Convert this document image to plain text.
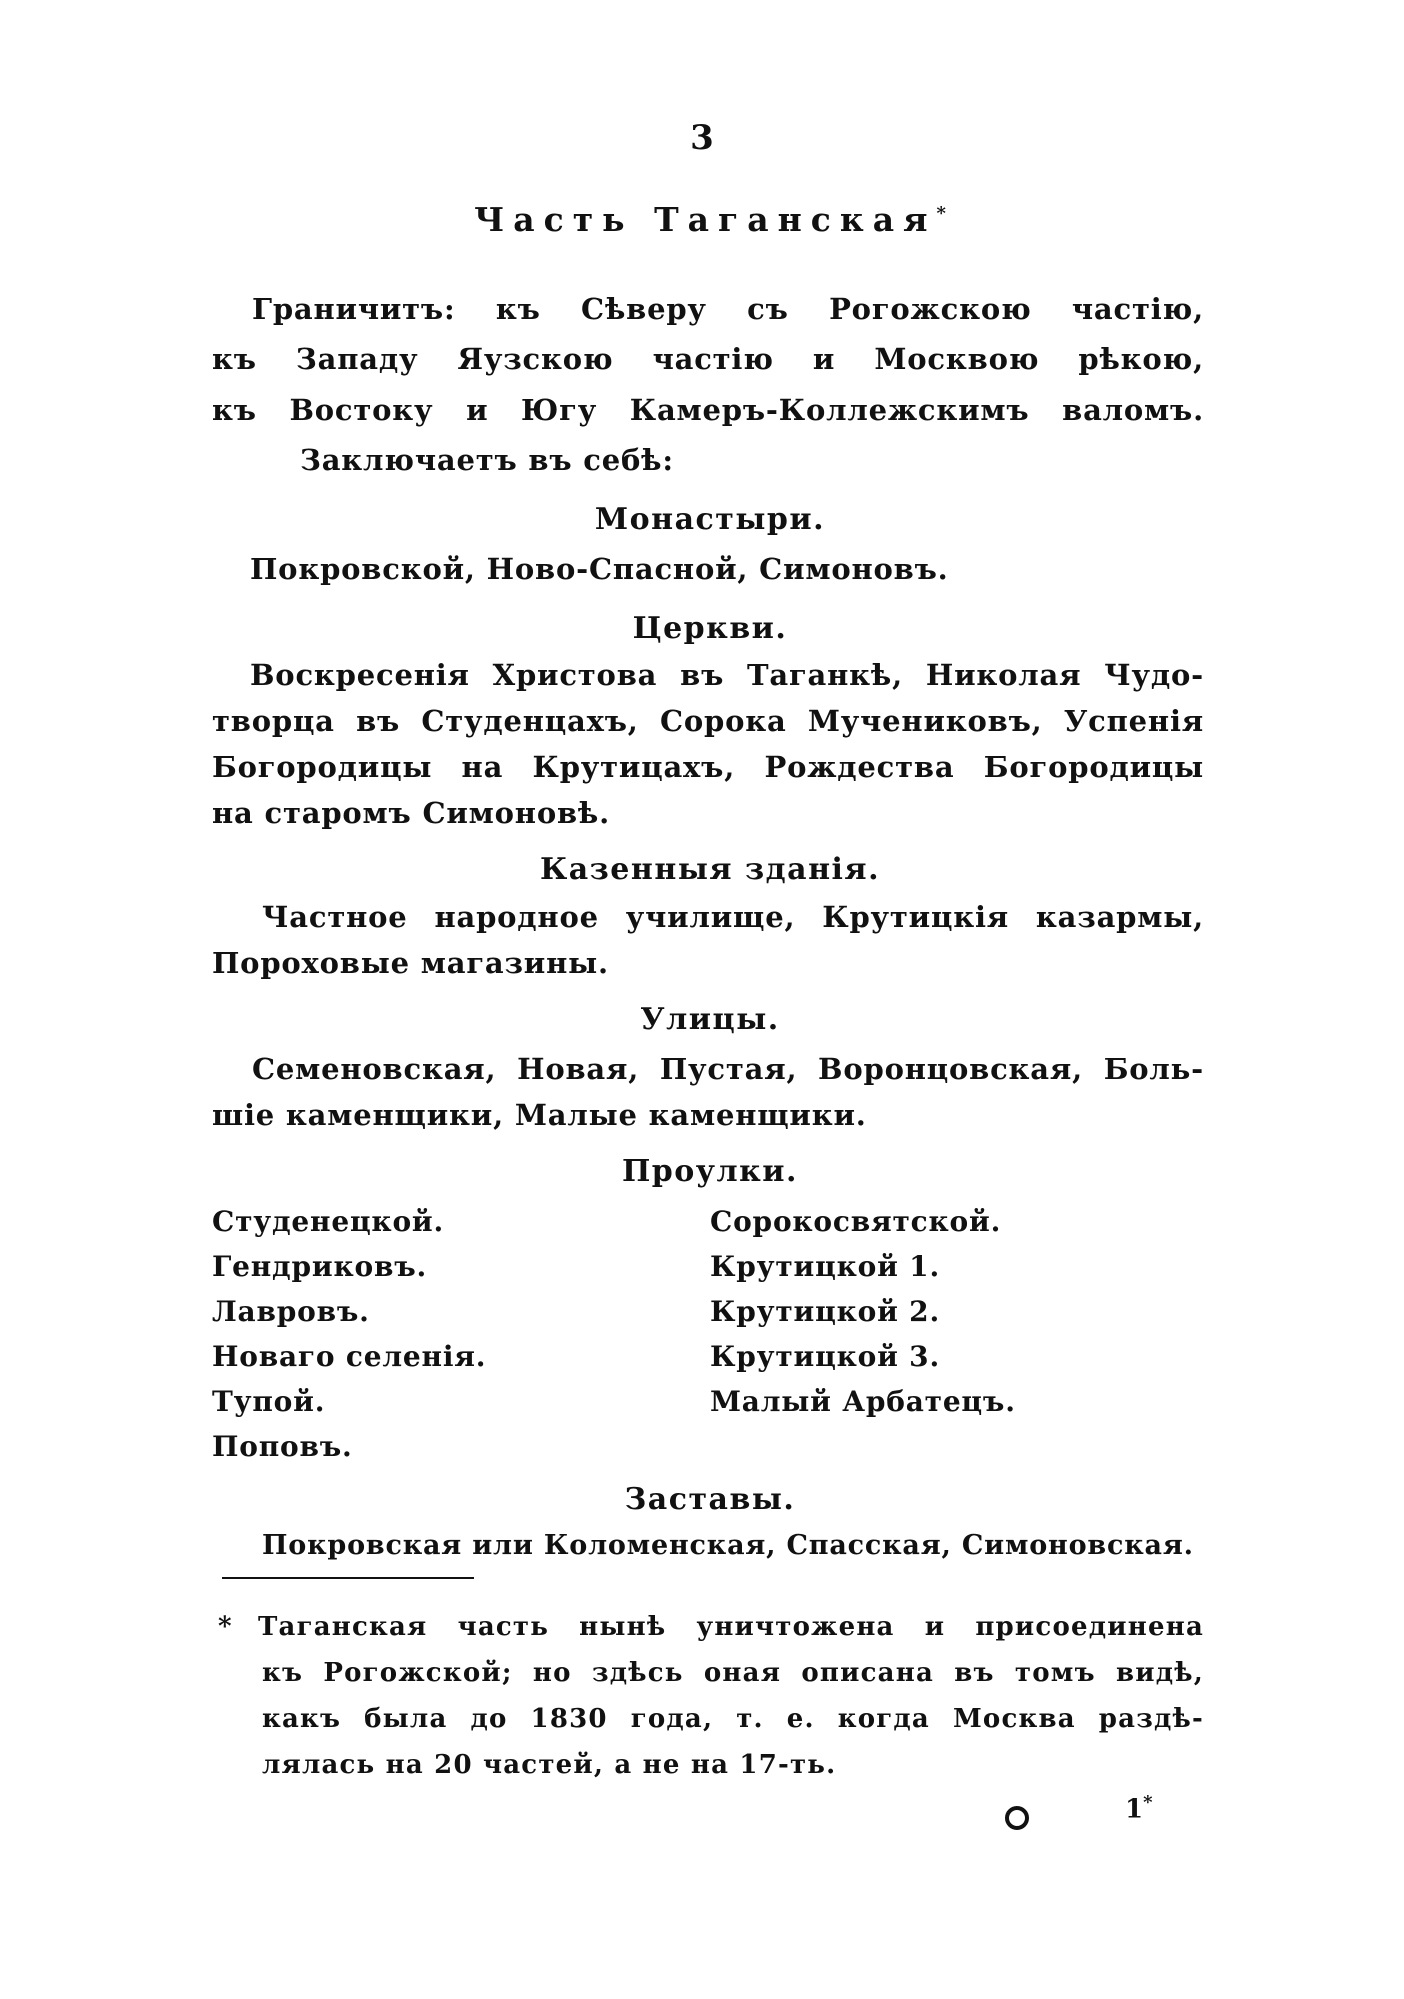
3
Часть Таганская*
Граничитъ: къ Сѣверу съ Рогожскою частію,
къ Западу Яузскою частію и Москвою рѣкою,
къ Востоку и Югу Камеръ-Коллежскимъ валомъ.
Заключаетъ въ себѣ:
Монастыри.
Покровской, Ново-Спасной, Симоновъ.
Церкви.
Воскресенія Христова въ Таганкѣ, Николая Чудо-
творца въ Студенцахъ, Сорока Мучениковъ, Успенія
Богородицы на Крутицахъ, Рождества Богородицы
на старомъ Симоновѣ.
Казенныя зданія.
Частное народное училище, Крутицкія казармы,
Пороховые магазины.
Улицы.
Семеновская, Новая, Пустая, Воронцовская, Боль-
шіе каменщики, Малые каменщики.
Проулки.
Студенецкой.
Гендриковъ.
Лавровъ.
Новаго селенія.
Тупой.
Поповъ.
Сорокосвятской.
Крутицкой 1.
Крутицкой 2.
Крутицкой 3.
Малый Арбатецъ.
Заставы.
Покровская или Коломенская, Спасская, Симоновская.
* Таганская часть нынѣ уничтожена и присоединена
къ Рогожской; но здѣсь оная описана въ томъ видѣ,
какъ была до 1830 года, т. е. когда Москва раздѣ-
лялась на 20 частей, а не на 17-ть.
1*
